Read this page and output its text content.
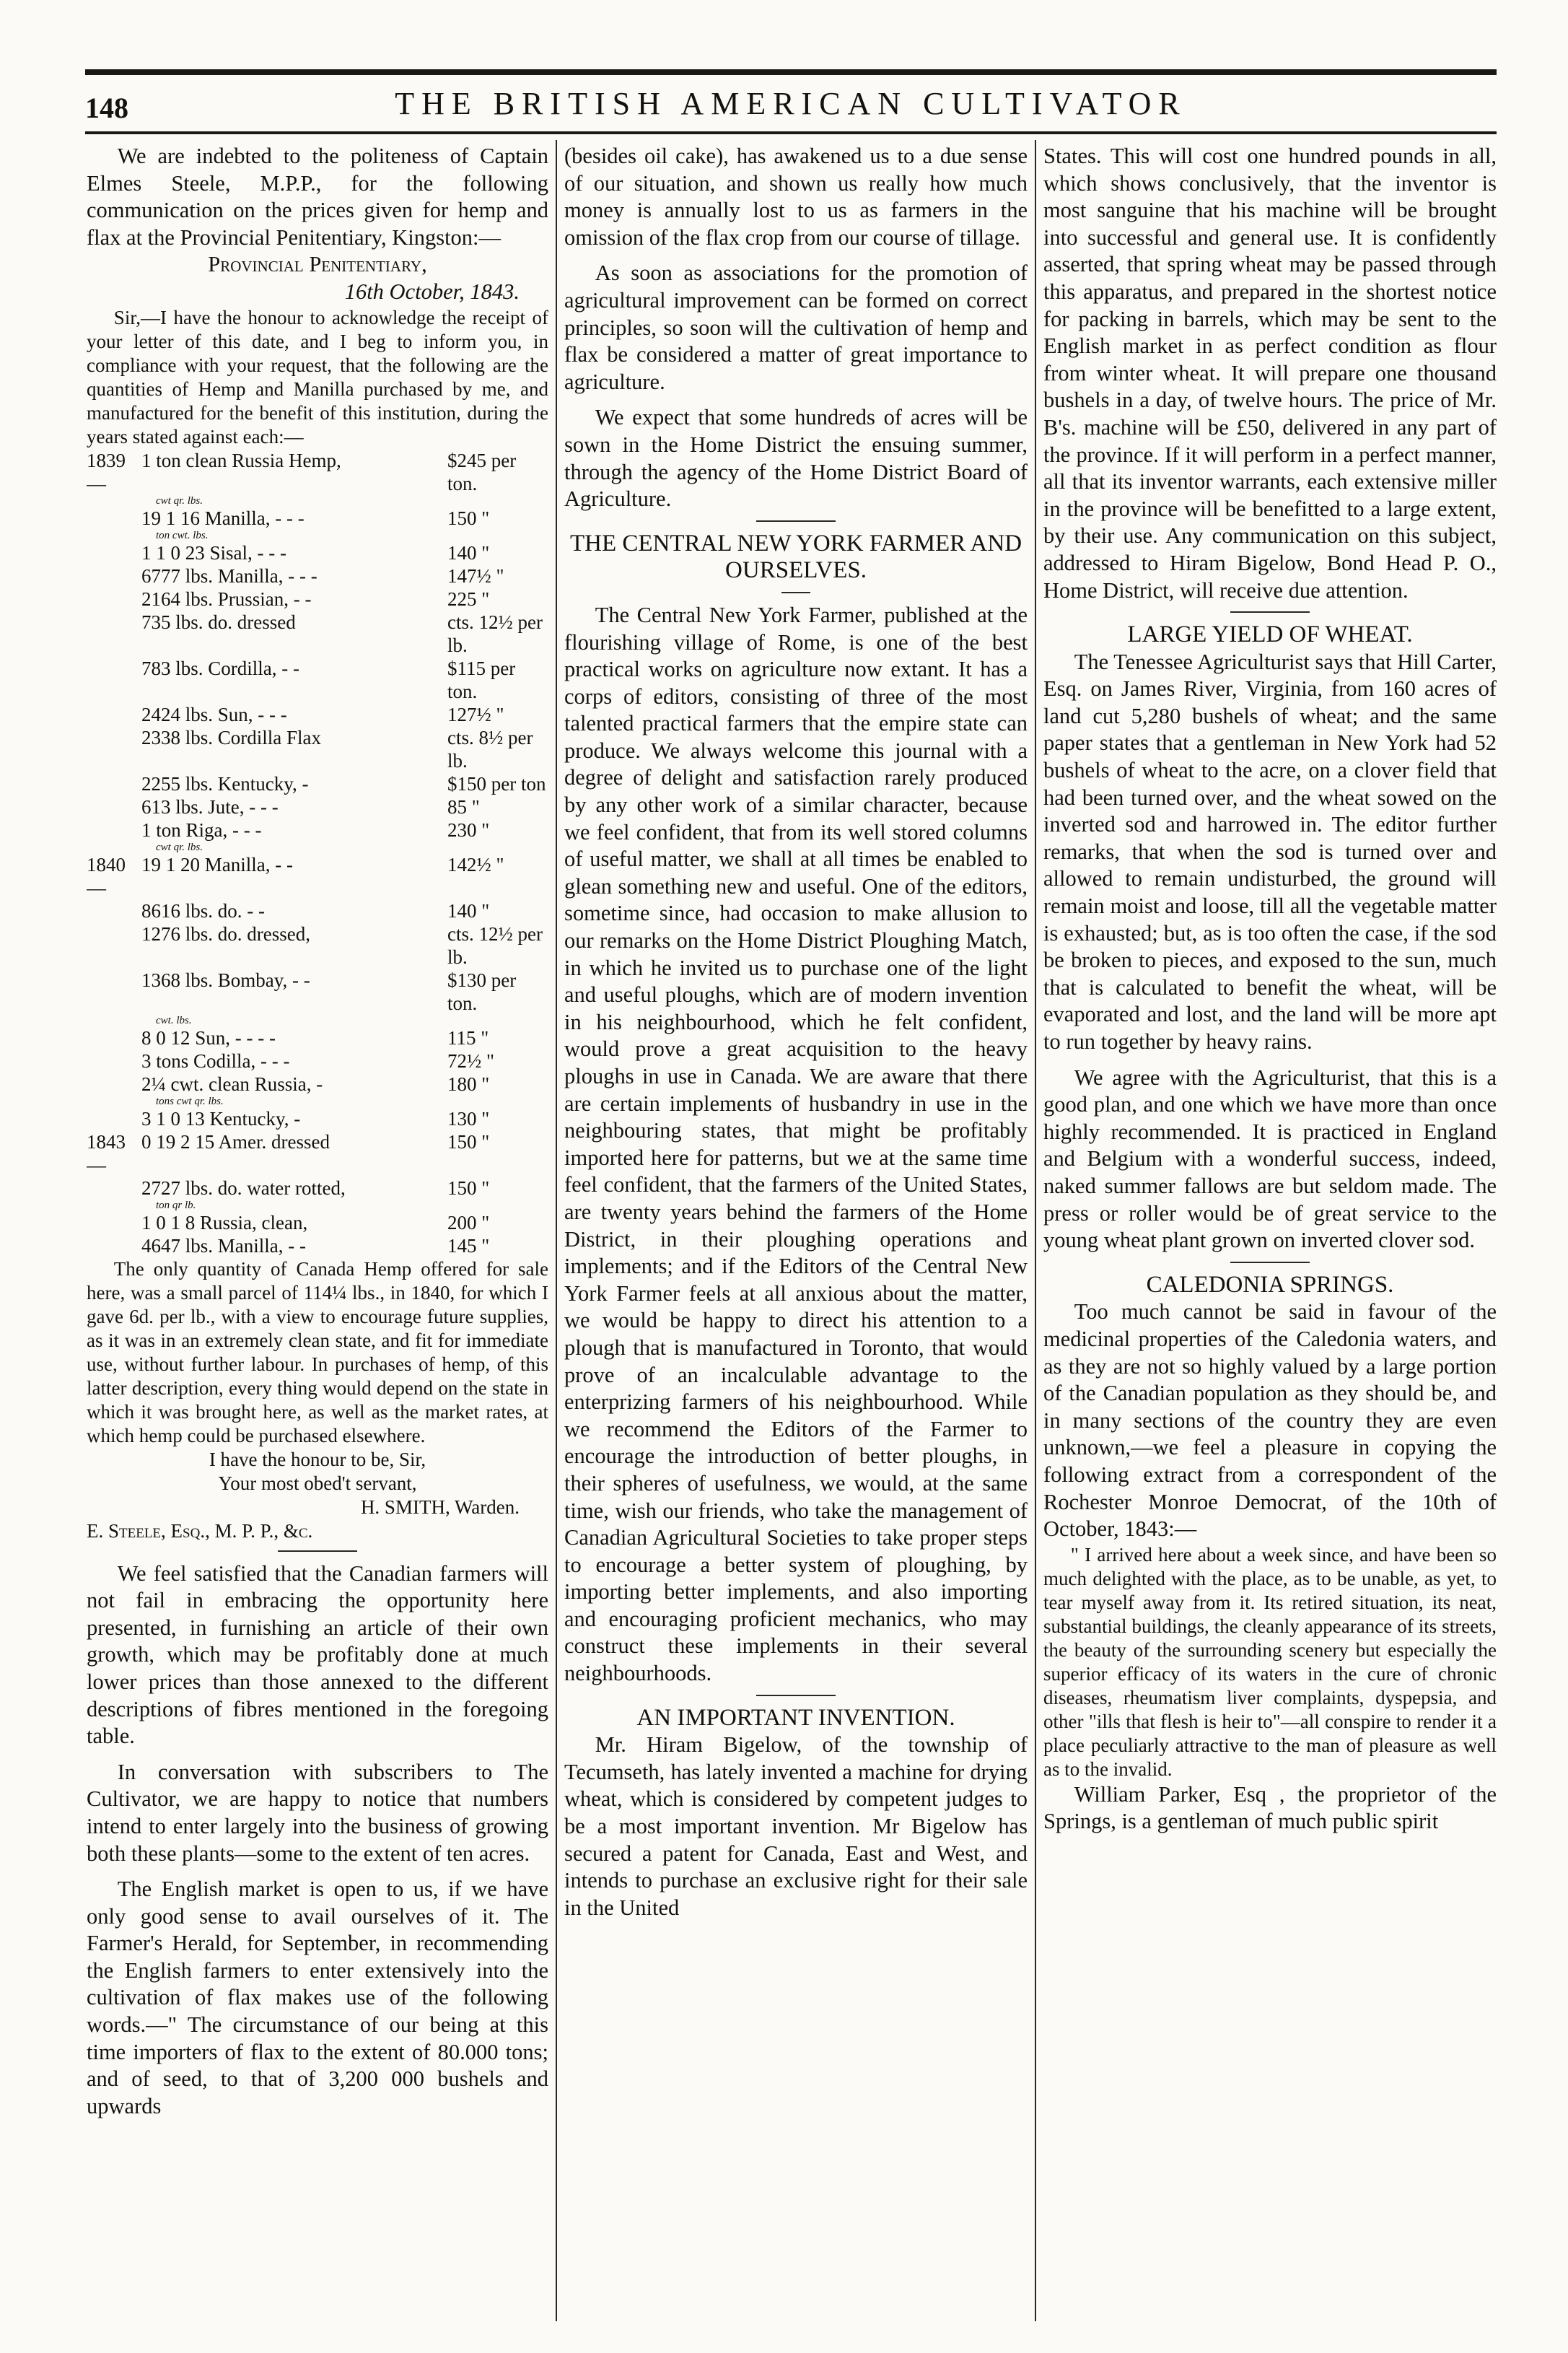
148	THE BRITISH AMERICAN CULTIVATOR

We are indebted to the politeness of Captain Elmes Steele, M.P.P., for the following communication on the prices given for hemp and flax at the Provincial Penitentiary, Kingston:—

Provincial Penitentiary,
16th October, 1843.

Sir,—I have the honour to acknowledge the receipt of your letter of this date, and I beg to inform you, in compliance with your request, that the following are the quantities of Hemp and Manilla purchased by me, and manufactured for the benefit of this institution, during the years stated against each:—

1839—
1 ton clean Russia Hemp,	$245 per ton.
cwt qr. lbs.
19 1 16 Manilla, - - -	150 "
ton cwt. lbs.
1 1 0 23 Sisal, - - -	140 "
6777 lbs. Manilla, - - -	147½ "
2164 lbs. Prussian, - -	225 "
735 lbs. do. dressed	cts. 12½ per lb.
783 lbs. Cordilla, - -	$115 per ton.
2424 lbs. Sun, - - -	127½ "
2338 lbs. Cordilla Flax	cts. 8½ per lb.
2255 lbs. Kentucky, -	$150 per ton
613 lbs. Jute, - - -	85 "
1 ton Riga, - - -	230 "
cwt qr. lbs.
1840—
19 1 20 Manilla, - -	142½ "
8616 lbs. do. - -	140 "
1276 lbs. do. dressed,	cts. 12½ per lb.
1368 lbs. Bombay, - -	$130 per ton.
cwt. lbs.
8 0 12 Sun, - - - -	115 "
3 tons Codilla, - - -	72½ "
2¼ cwt. clean Russia, -	180 "
tons cwt qr. lbs.
3 1 0 13 Kentucky, -	130 "
1843—
0 19 2 15 Amer. dressed	150 "
2727 lbs. do. water rotted,	150 "
ton qr lb.
1 0 1 8 Russia, clean,	200 "
4647 lbs. Manilla, - -	145 "

The only quantity of Canada Hemp offered for sale here, was a small parcel of 114¼ lbs., in 1840, for which I gave 6d. per lb., with a view to encourage future supplies, as it was in an extremely clean state, and fit for immediate use, without further labour. In purchases of hemp, of this latter description, every thing would depend on the state in which it was brought here, as well as the market rates, at which hemp could be purchased elsewhere.

I have the honour to be, Sir,
Your most obed't servant,
H. SMITH, Warden.
E. Steele, Esq., M. P. P., &c.

We feel satisfied that the Canadian farmers will not fail in embracing the opportunity here presented, in furnishing an article of their own growth, which may be profitably done at much lower prices than those annexed to the different descriptions of fibres mentioned in the foregoing table.

In conversation with subscribers to The Cultivator, we are happy to notice that numbers intend to enter largely into the business of growing both these plants—some to the extent of ten acres.

The English market is open to us, if we have only good sense to avail ourselves of it. The Farmer's Herald, for September, in recommending the English farmers to enter extensively into the cultivation of flax makes use of the following words.—" The circumstance of our being at this time importers of flax to the extent of 80.000 tons; and of seed, to that of 3,200 000 bushels and upwards

(besides oil cake), has awakened us to a due sense of our situation, and shown us really how much money is annually lost to us as farmers in the omission of the flax crop from our course of tillage.

As soon as associations for the promotion of agricultural improvement can be formed on correct principles, so soon will the cultivation of hemp and flax be considered a matter of great importance to agriculture.

We expect that some hundreds of acres will be sown in the Home District the ensuing summer, through the agency of the Home District Board of Agriculture.

THE CENTRAL NEW YORK FARMER AND OURSELVES.

The Central New York Farmer, published at the flourishing village of Rome, is one of the best practical works on agriculture now extant. It has a corps of editors, consisting of three of the most talented practical farmers that the empire state can produce. We always welcome this journal with a degree of delight and satisfaction rarely produced by any other work of a similar character, because we feel confident, that from its well stored columns of useful matter, we shall at all times be enabled to glean something new and useful. One of the editors, sometime since, had occasion to make allusion to our remarks on the Home District Ploughing Match, in which he invited us to purchase one of the light and useful ploughs, which are of modern invention in his neighbourhood, which he felt confident, would prove a great acquisition to the heavy ploughs in use in Canada. We are aware that there are certain implements of husbandry in use in the neighbouring states, that might be profitably imported here for patterns, but we at the same time feel confident, that the farmers of the United States, are twenty years behind the farmers of the Home District, in their ploughing operations and implements; and if the Editors of the Central New York Farmer feels at all anxious about the matter, we would be happy to direct his attention to a plough that is manufactured in Toronto, that would prove of an incalculable advantage to the enterprizing farmers of his neighbourhood. While we recommend the Editors of the Farmer to encourage the introduction of better ploughs, in their spheres of usefulness, we would, at the same time, wish our friends, who take the management of Canadian Agricultural Societies to take proper steps to encourage a better system of ploughing, by importing better implements, and also importing and encouraging proficient mechanics, who may construct these implements in their several neighbourhoods.

AN IMPORTANT INVENTION.

Mr. Hiram Bigelow, of the township of Tecumseth, has lately invented a machine for drying wheat, which is considered by competent judges to be a most important invention. Mr Bigelow has secured a patent for Canada, East and West, and intends to purchase an exclusive right for their sale in the United

States. This will cost one hundred pounds in all, which shows conclusively, that the inventor is most sanguine that his machine will be brought into successful and general use. It is confidently asserted, that spring wheat may be passed through this apparatus, and prepared in the shortest notice for packing in barrels, which may be sent to the English market in as perfect condition as flour from winter wheat. It will prepare one thousand bushels in a day, of twelve hours. The price of Mr. B's. machine will be £50, delivered in any part of the province. If it will perform in a perfect manner, all that its inventor warrants, each extensive miller in the province will be benefitted to a large extent, by their use. Any communication on this subject, addressed to Hiram Bigelow, Bond Head P. O., Home District, will receive due attention.

LARGE YIELD OF WHEAT.

The Tenessee Agriculturist says that Hill Carter, Esq. on James River, Virginia, from 160 acres of land cut 5,280 bushels of wheat; and the same paper states that a gentleman in New York had 52 bushels of wheat to the acre, on a clover field that had been turned over, and the wheat sowed on the inverted sod and harrowed in. The editor further remarks, that when the sod is turned over and allowed to remain undisturbed, the ground will remain moist and loose, till all the vegetable matter is exhausted; but, as is too often the case, if the sod be broken to pieces, and exposed to the sun, much that is calculated to benefit the wheat, will be evaporated and lost, and the land will be more apt to run together by heavy rains.

We agree with the Agriculturist, that this is a good plan, and one which we have more than once highly recommended. It is practiced in England and Belgium with a wonderful success, indeed, naked summer fallows are but seldom made. The press or roller would be of great service to the young wheat plant grown on inverted clover sod.

CALEDONIA SPRINGS.

Too much cannot be said in favour of the medicinal properties of the Caledonia waters, and as they are not so highly valued by a large portion of the Canadian population as they should be, and in many sections of the country they are even unknown,—we feel a pleasure in copying the following extract from a correspondent of the Rochester Monroe Democrat, of the 10th of October, 1843:—

" I arrived here about a week since, and have been so much delighted with the place, as to be unable, as yet, to tear myself away from it. Its retired situation, its neat, substantial buildings, the cleanly appearance of its streets, the beauty of the surrounding scenery but especially the superior efficacy of its waters in the cure of chronic diseases, rheumatism liver complaints, dyspepsia, and other "ills that flesh is heir to"—all conspire to render it a place peculiarly attractive to the man of pleasure as well as to the invalid.

William Parker, Esq , the proprietor of the Springs, is a gentleman of much public spirit
